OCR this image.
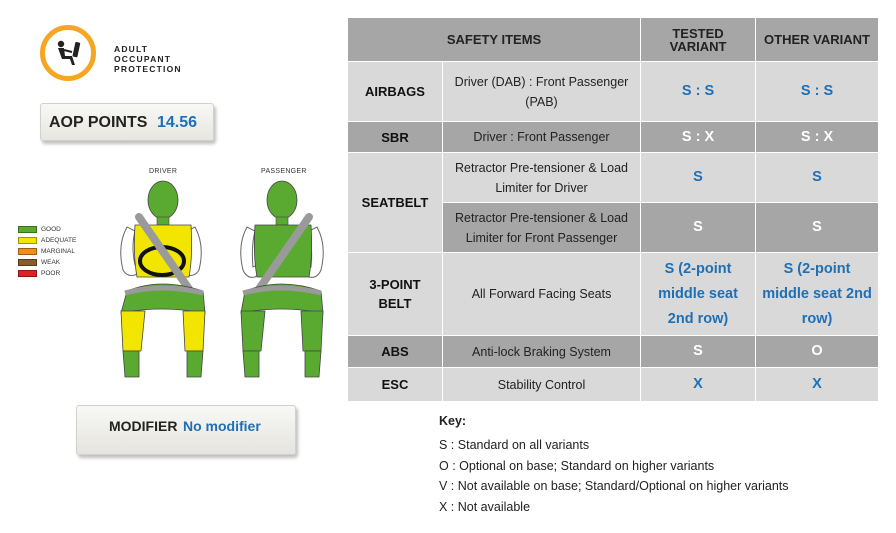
ADULT
OCCUPANT
PROTECTION
AOP POINTS 14.56
GOOD
ADEQUATE
MARGINAL
WEAK
POOR
DRIVER	PASSENGER
MODIFIER No modifier
SAFETY ITEMS		TESTED VARIANT	OTHER VARIANT
AIRBAGS	Driver (DAB) : Front Passenger (PAB)	S : S	S : S
SBR	Driver : Front Passenger	S : X	S : X
SEATBELT	Retractor Pre-tensioner & Load Limiter for Driver	S	S
	Retractor Pre-tensioner & Load Limiter for Front Passenger	S	S
3-POINT BELT	All Forward Facing Seats	S (2-point middle seat 2nd row)	S (2-point middle seat 2nd row)
ABS	Anti-lock Braking System	S	O
ESC	Stability Control	X	X
Key:
S : Standard on all variants
O : Optional on base; Standard on higher variants
V : Not available on base; Standard/Optional on higher variants
X : Not available
